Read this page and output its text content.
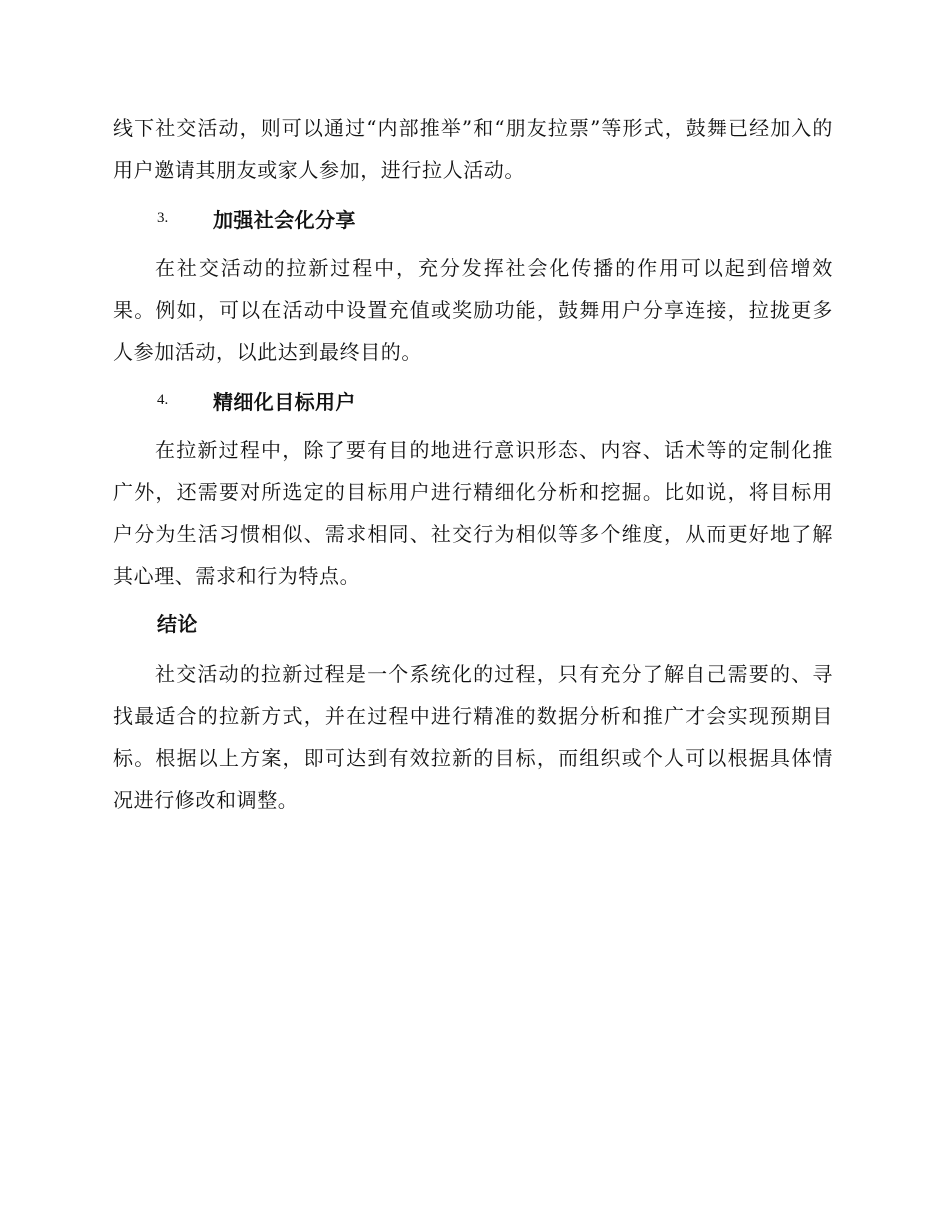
线下社交活动，则可以通过“内部推举”和“朋友拉票”等形式，鼓舞已经加入的用户邀请其朋友或家人参加，进行拉人活动。

3.	加强社会化分享

在社交活动的拉新过程中，充分发挥社会化传播的作用可以起到倍增效果。例如，可以在活动中设置充值或奖励功能，鼓舞用户分享连接，拉拢更多人参加活动，以此达到最终目的。

4.	精细化目标用户

在拉新过程中，除了要有目的地进行意识形态、内容、话术等的定制化推广外，还需要对所选定的目标用户进行精细化分析和挖掘。比如说，将目标用户分为生活习惯相似、需求相同、社交行为相似等多个维度，从而更好地了解其心理、需求和行为特点。

结论

社交活动的拉新过程是一个系统化的过程，只有充分了解自己需要的、寻找最适合的拉新方式，并在过程中进行精准的数据分析和推广才会实现预期目标。根据以上方案，即可达到有效拉新的目标，而组织或个人可以根据具体情况进行修改和调整。
